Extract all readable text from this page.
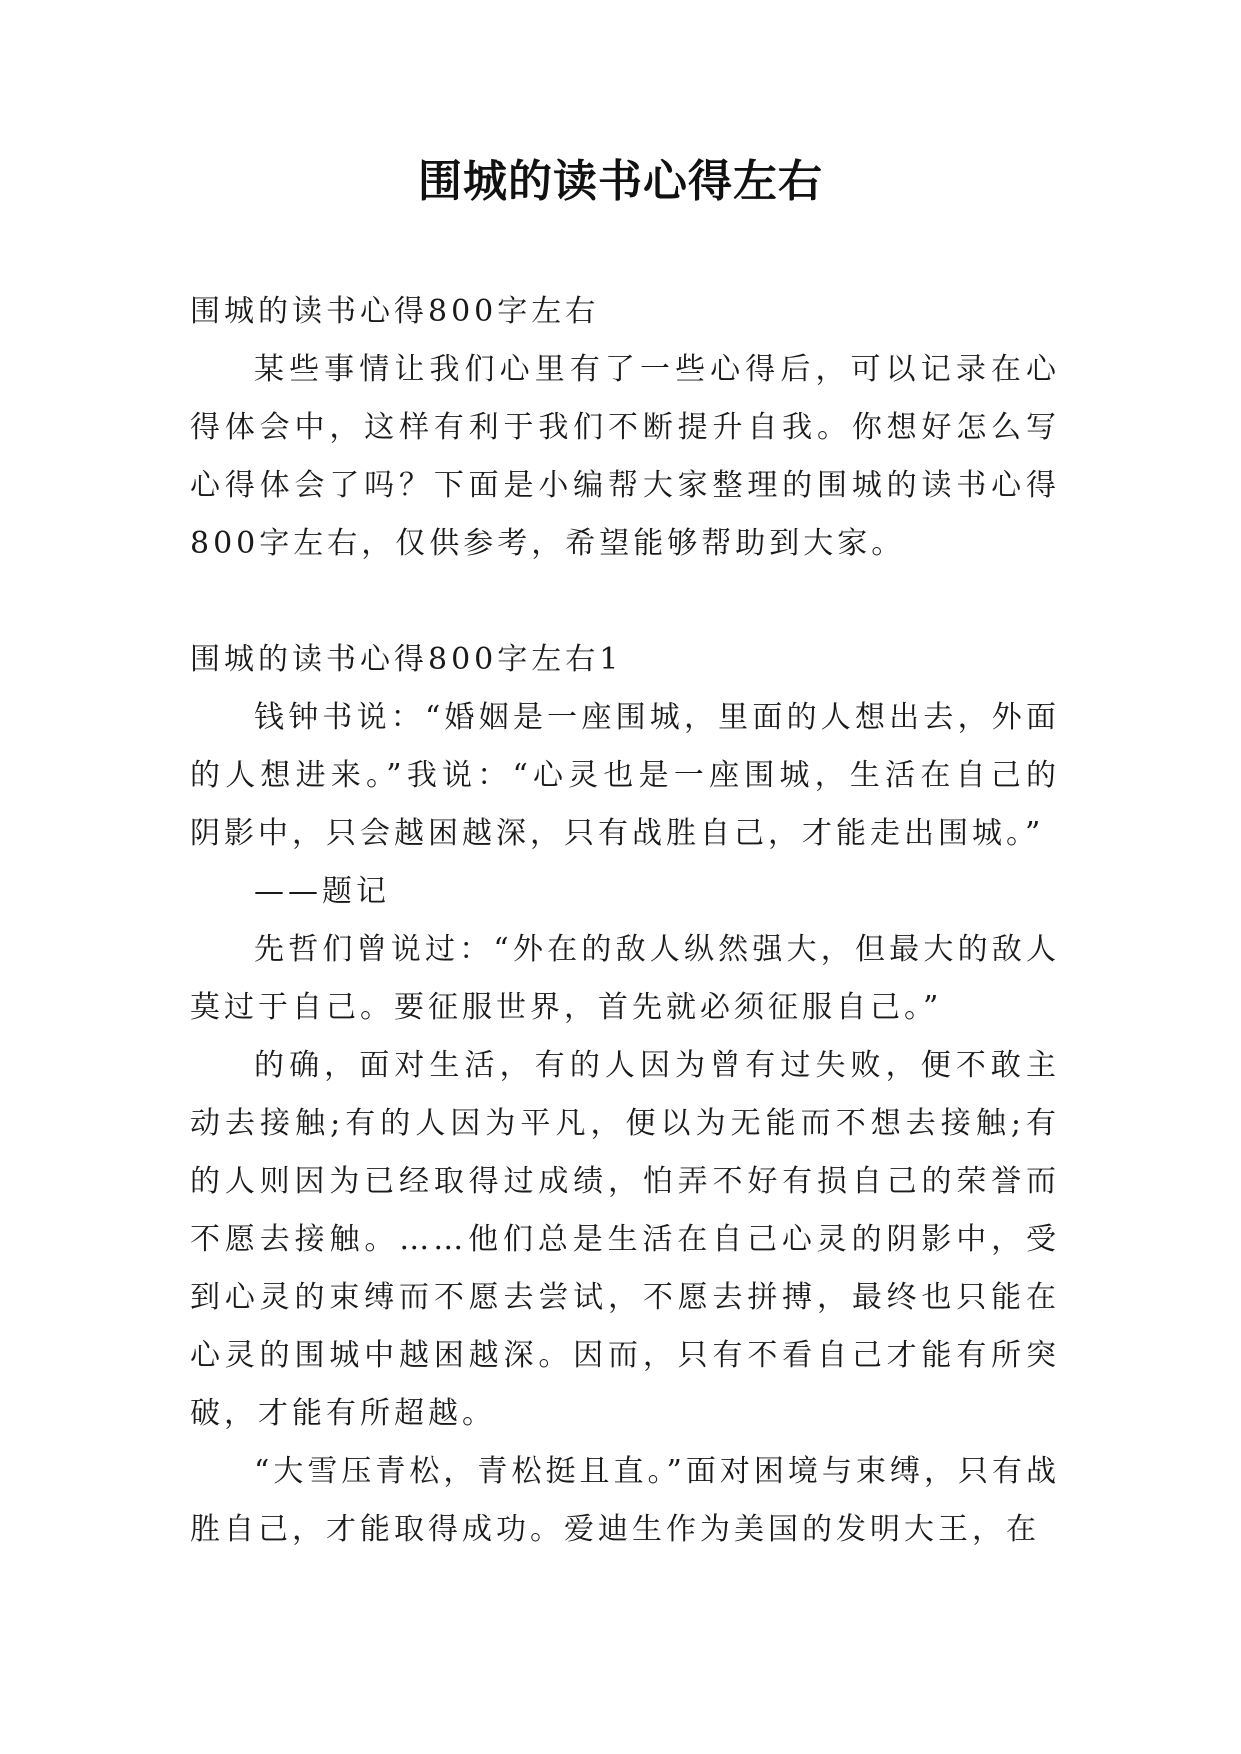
围城的读书心得左右

围城的读书心得800字左右

某些事情让我们心里有了一些心得后，可以记录在心得体会中，这样有利于我们不断提升自我。你想好怎么写心得体会了吗？下面是小编帮大家整理的围城的读书心得800字左右，仅供参考，希望能够帮助到大家。

围城的读书心得800字左右1

钱钟书说：“婚姻是一座围城，里面的人想出去，外面的人想进来。”我说：“心灵也是一座围城，生活在自己的阴影中，只会越困越深，只有战胜自己，才能走出围城。”

——题记

先哲们曾说过：“外在的敌人纵然强大，但最大的敌人莫过于自己。要征服世界，首先就必须征服自己。”

的确，面对生活，有的人因为曾有过失败，便不敢主动去接触;有的人因为平凡，便以为无能而不想去接触;有的人则因为已经取得过成绩，怕弄不好有损自己的荣誉而不愿去接触。……他们总是生活在自己心灵的阴影中，受到心灵的束缚而不愿去尝试，不愿去拼搏，最终也只能在心灵的围城中越困越深。因而，只有不看自己才能有所突破，才能有所超越。

“大雪压青松，青松挺且直。”面对困境与束缚，只有战胜自己，才能取得成功。爱迪生作为美国的发明大王，在
